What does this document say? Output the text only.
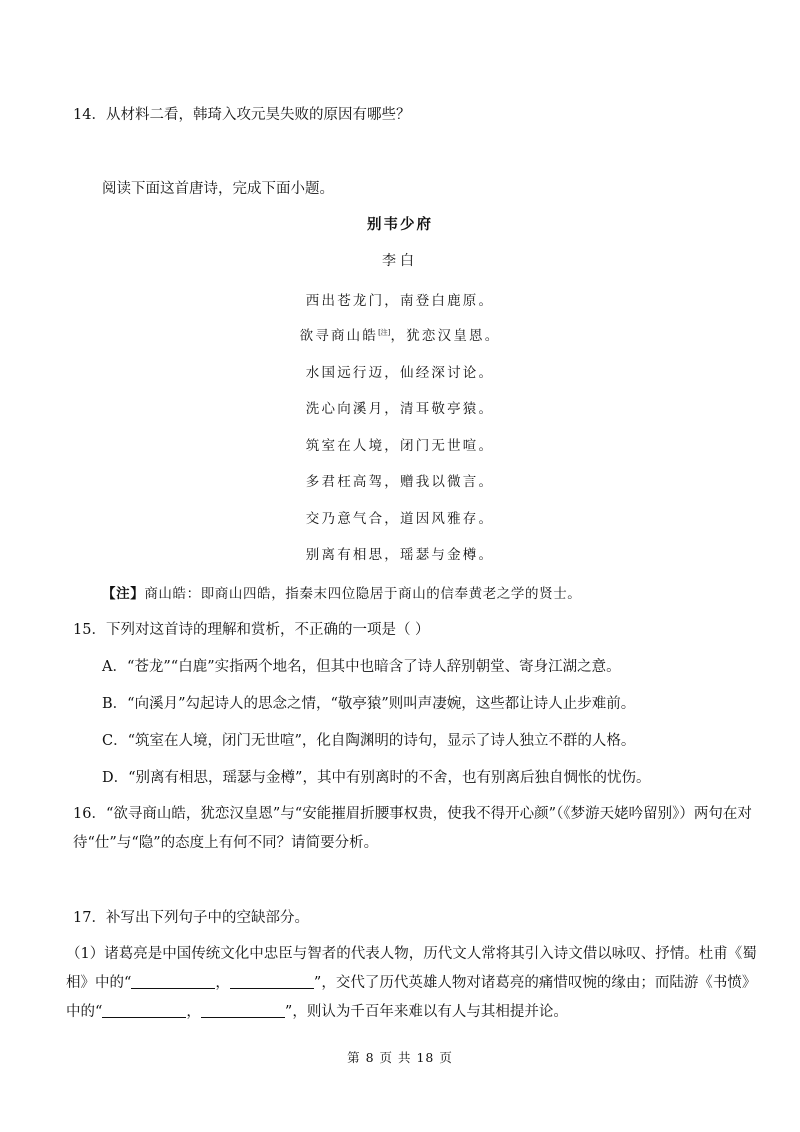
14．从材料二看，韩琦入攻元昊失败的原因有哪些？
阅读下面这首唐诗，完成下面小题。
别韦少府
李白
西出苍龙门，南登白鹿原。
欲寻商山皓[注]，犹恋汉皇恩。
水国远行迈，仙经深讨论。
洗心向溪月，清耳敬亭猿。
筑室在人境，闭门无世喧。
多君枉高驾，赠我以微言。
交乃意气合，道因风雅存。
别离有相思，瑶瑟与金樽。
【注】商山皓：即商山四皓，指秦末四位隐居于商山的信奉黄老之学的贤士。
15．下列对这首诗的理解和赏析，不正确的一项是（ ）
A．“苍龙”“白鹿”实指两个地名，但其中也暗含了诗人辞别朝堂、寄身江湖之意。
B．“向溪月”勾起诗人的思念之情，“敬亭猿”则叫声凄婉，这些都让诗人止步难前。
C．“筑室在人境，闭门无世喧”，化自陶渊明的诗句，显示了诗人独立不群的人格。
D．“别离有相思，瑶瑟与金樽”，其中有别离时的不舍，也有别离后独自惆怅的忧伤。
16．“欲寻商山皓，犹恋汉皇恩”与“安能摧眉折腰事权贵，使我不得开心颜”（《梦游天姥吟留别》）两句在对
待“仕”与“隐”的态度上有何不同？请简要分析。
17．补写出下列句子中的空缺部分。
（1）诸葛亮是中国传统文化中忠臣与智者的代表人物，历代文人常将其引入诗文借以咏叹、抒情。杜甫《蜀
相》中的“	，	”，交代了历代英雄人物对诸葛亮的痛惜叹惋的缘由；而陆游《书愤》
中的“	，	”，则认为千百年来难以有人与其相提并论。
第 8 页 共 18 页
